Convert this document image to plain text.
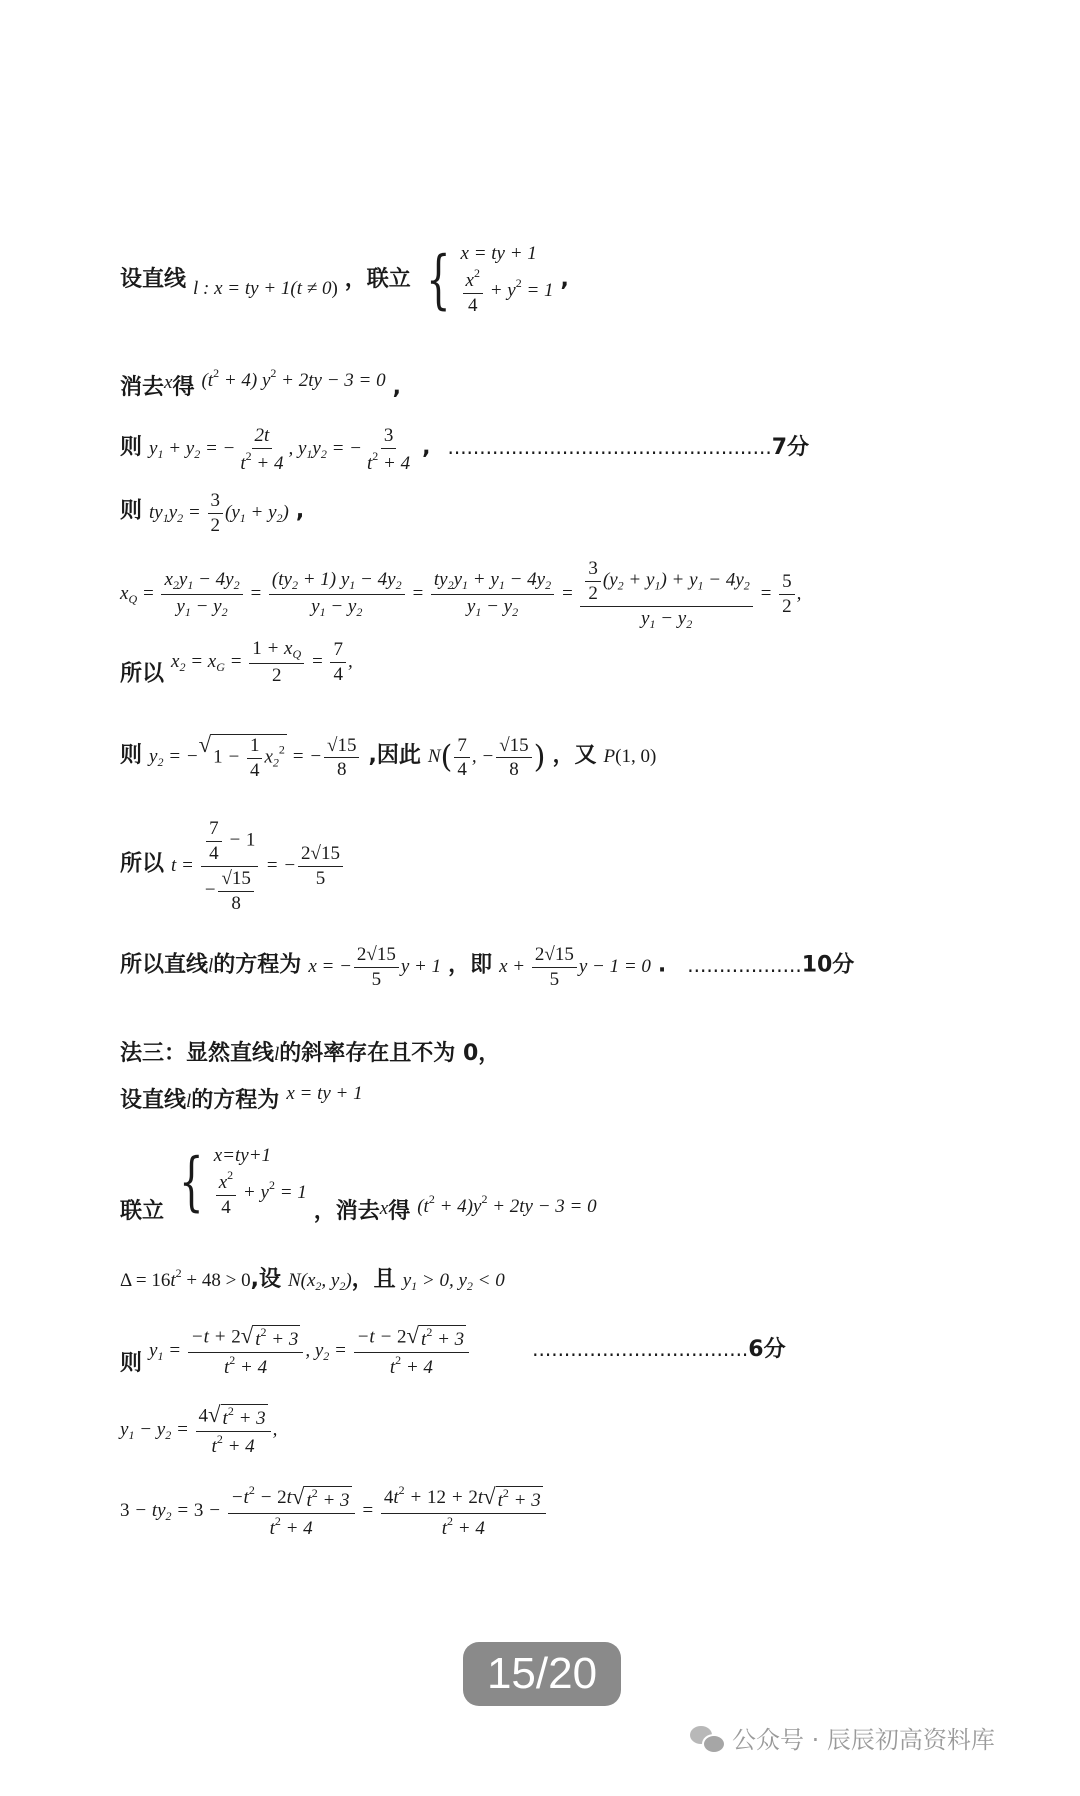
设直线 l : x = ty + 1(t ≠ 0) ，联立 { x = ty + 1
$\frac{x^2}{4} + y^2 = 1$ ,
消去x得 $(t^2 + 4) y^2 + 2ty - 3 = 0$ ,
则 $y_1 + y_2$ = − $\frac{2t}{t^2 + 4}$ , $y_1y_2$ = − $\frac{3}{t^2 + 4}$ , ...................................................7分
则 $ty_1y_2 = \frac{3}{2} (y_1 + y_2)$ ,
$x_Q = \frac{x_2y_1 - 4y_2}{y_1 - y_2} = \frac{(ty_2 + 1) y_1 - 4y_2}{y_1 - y_2} = \frac{ty_2y_1 + y_1 - 4y_2}{y_1 - y_2} = \frac{\frac{3}{2} (y_2 + y_1) + y_1 - 4y_2}{y_1 - y_2} = \frac{5}{2}$ ,
所以 $x_2 = x_G = \frac{1 + x_Q}{2} = \frac{7}{4}$ ,
则 $y_2$ = − √
$1 - \frac{1}{4} x_2^2$ = − $\frac{√15}{8}$ ,因此 $N( \frac{7}{4}$ , − $\frac{√15}{8}$ ) ，又 P(1, 0)
所以 $t = \frac{\frac{7}{4} - 1}{- \frac{√15}{8}}$ = − $\frac{2√15}{5}$
所以直线l的方程为 x = − $\frac{2√15}{5}$ y + 1 ，即 $x + \frac{2√15}{5}$ y − 1 = 0 . ..................10分
法三：显然直线l的斜率存在且不为 0，
设直线l的方程为 x = ty + 1
联立 { x=ty+1
$\frac{x^2}{4} + y^2 = 1$
，消去x得 $(t^2 + 4)y^2 + 2ty - 3 = 0$
$\Delta = 16t^2 + 48 > 0$,设 $N(x_2$, $y_2$)，且 $y_1 > 0$, $y_2 < 0$
则 $y_1 = \frac{-t + 2 √ t^2 + 3}{t^2 + 4}$ , $y_2 = \frac{-t - 2 √ t^2 + 3}{t^2 + 4}$	..................................6分
$y_1 - y_2 = \frac{4 √ t^2 + 3}{t^2 + 4}$ ,
$3 - ty_2 = 3 - \frac{-t^2 - 2t √ t^2 + 3}{t^2 + 4} = \frac{4t^2 + 12 + 2t √ t^2 + 3}{t^2 + 4}$
15/20
公众号 · 辰辰初高资料库
